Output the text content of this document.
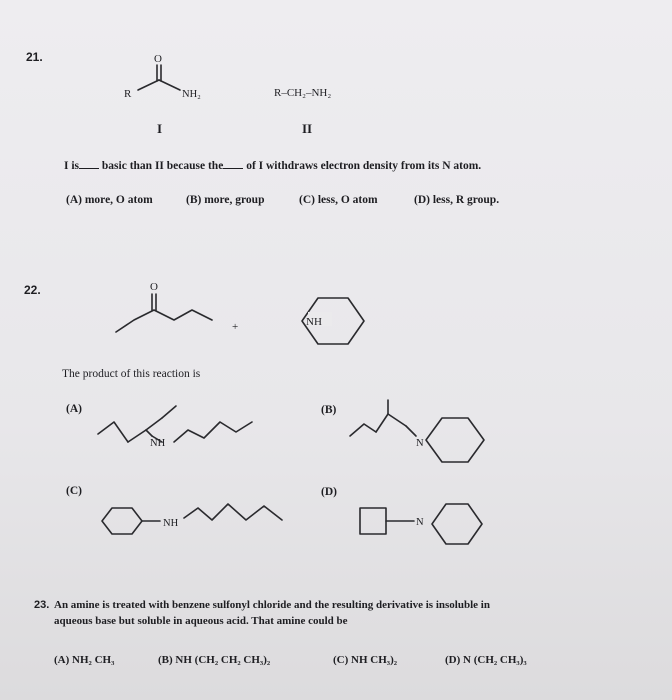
21.	O
R	NH₂	R–CH₂–NH₂
I	II
I is basic than II because the of I withdraws electron density from its N atom.
(A) more, O atom	(B) more, group	(C) less, O atom	(D) less, R group.
22.	O
+	NH
The product of this reaction is
(A)
NH
(B)
N
(C)
NH
(D)
N
23. An amine is treated with benzene sulfonyl chloride and the resulting derivative is insoluble in
aqueous base but soluble in aqueous acid. That amine could be
(A) NH₂ CH₃	(B) NH (CH₂ CH₂ CH₃)₂	(C) NH CH₃)₂	(D) N (CH₂ CH₃)₃
